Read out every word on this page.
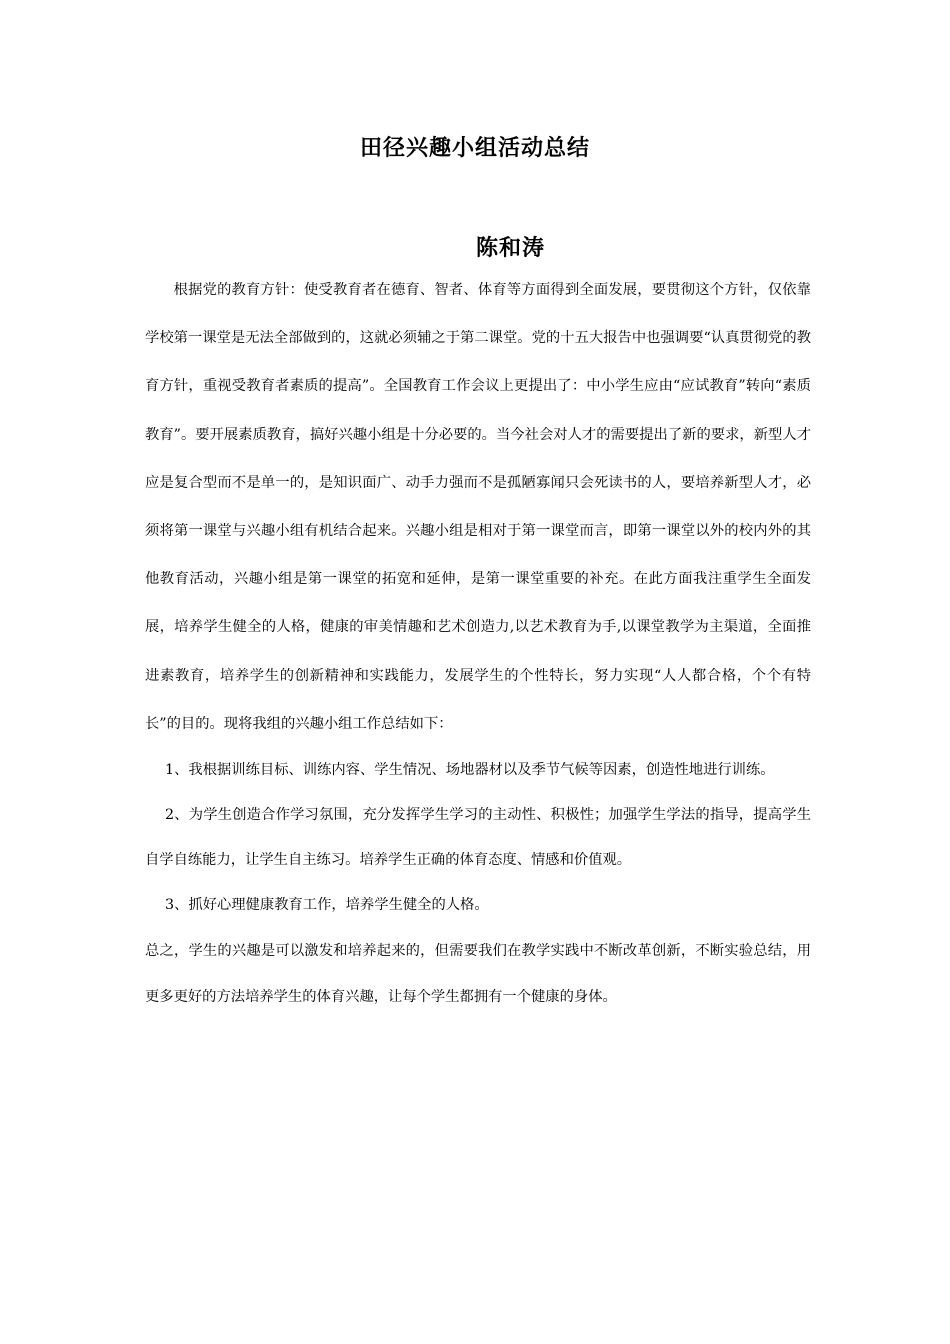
田径兴趣小组活动总结
陈和涛

根据党的教育方针：使受教育者在德育、智者、体育等方面得到全面发展，要贯彻这个方针，仅依靠学校第一课堂是无法全部做到的，这就必须辅之于第二课堂。党的十五大报告中也强调要“认真贯彻党的教育方针，重视受教育者素质的提高”。全国教育工作会议上更提出了：中小学生应由“应试教育”转向“素质教育”。要开展素质教育，搞好兴趣小组是十分必要的。当今社会对人才的需要提出了新的要求，新型人才应是复合型而不是单一的，是知识面广、动手力强而不是孤陋寡闻只会死读书的人，要培养新型人才，必须将第一课堂与兴趣小组有机结合起来。兴趣小组是相对于第一课堂而言，即第一课堂以外的校内外的其他教育活动，兴趣小组是第一课堂的拓宽和延伸，是第一课堂重要的补充。在此方面我注重学生全面发展，培养学生健全的人格，健康的审美情趣和艺术创造力,以艺术教育为手,以课堂教学为主渠道，全面推进素教育，培养学生的创新精神和实践能力，发展学生的个性特长，努力实现“人人都合格，个个有特长”的目的。现将我组的兴趣小组工作总结如下：

1、我根据训练目标、训练内容、学生情况、场地器材以及季节气候等因素，创造性地进行训练。

2、为学生创造合作学习氛围，充分发挥学生学习的主动性、积极性；加强学生学法的指导，提高学生自学自练能力，让学生自主练习。培养学生正确的体育态度、情感和价值观。

3、抓好心理健康教育工作，培养学生健全的人格。

总之，学生的兴趣是可以激发和培养起来的，但需要我们在教学实践中不断改革创新，不断实验总结，用更多更好的方法培养学生的体育兴趣，让每个学生都拥有一个健康的身体。
